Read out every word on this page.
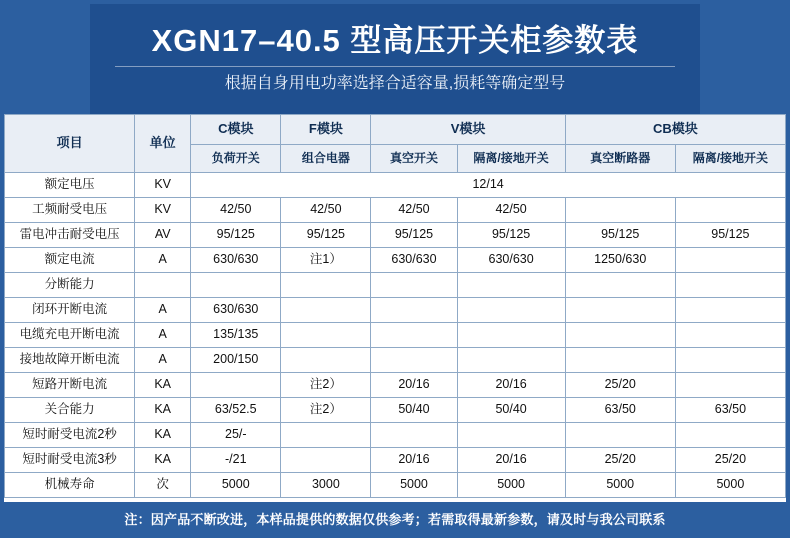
XGN17–40.5 型高压开关柜参数表
根据自身用电功率选择合适容量,损耗等确定型号
项目	单位	C模块	F模块	V模块		CB模块	
		负荷开关	组合电器	真空开关	隔离/接地开关	真空断路器	隔离/接地开关
额定电压	KV	12/14					
工频耐受电压	KV	42/50	42/50	42/50	42/50		
雷电冲击耐受电压	AV	95/125	95/125	95/125	95/125	95/125	95/125
额定电流	A	630/630	注1）	630/630	630/630	1250/630	
分断能力							
闭环开断电流	A	630/630					
电缆充电开断电流	A	135/135					
接地故障开断电流	A	200/150					
短路开断电流	KA		注2）	20/16	20/16	25/20	
关合能力	KA	63/52.5	注2）	50/40	50/40	63/50	63/50
短时耐受电流2秒	KA	25/-					
短时耐受电流3秒	KA	-/21		20/16	20/16	25/20	25/20
机械寿命	次	5000	3000	5000	5000	5000	5000
注：因产品不断改进，本样品提供的数据仅供参考；若需取得最新参数，请及时与我公司联系
